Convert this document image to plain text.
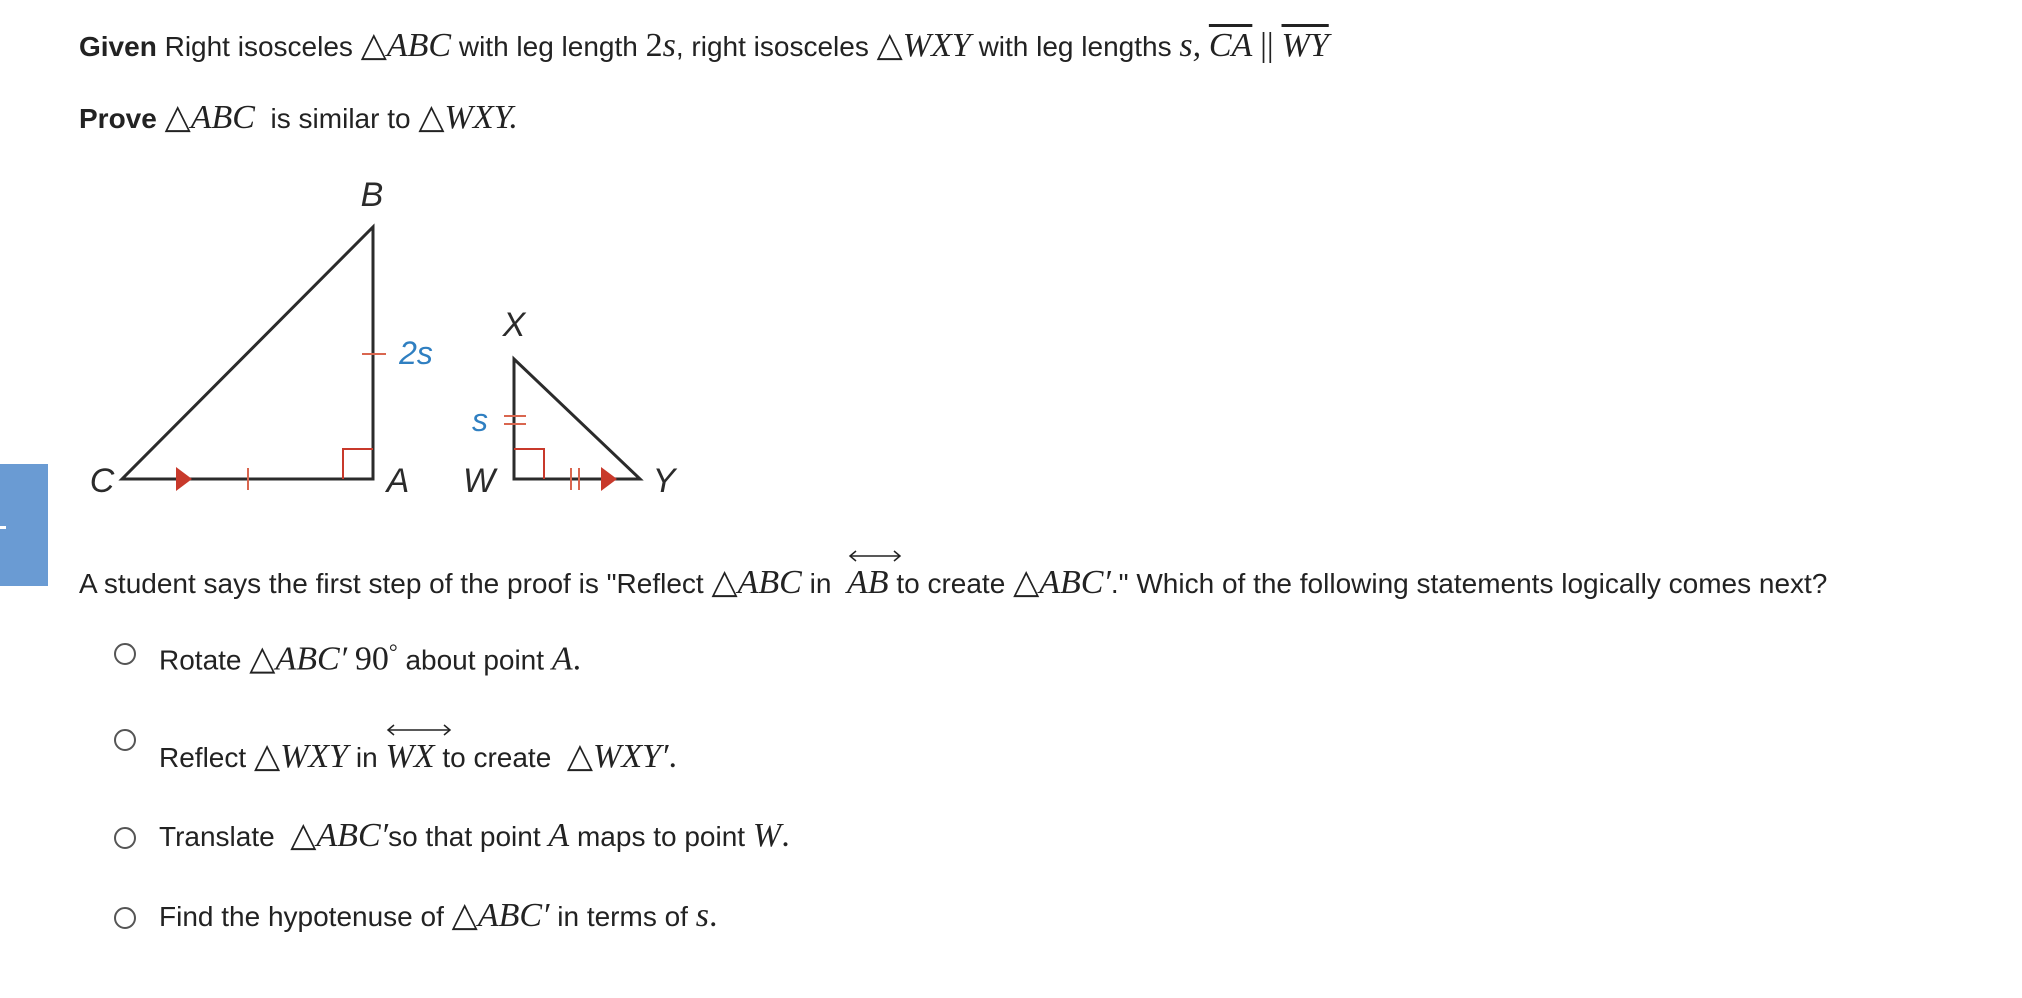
Given Right isosceles △ABC with leg length 2s, right isosceles △WXY with leg lengths s, $\overline{CA}$ || $\overline{WY}$
Prove △ABC is similar to △WXY.
B
C	A
X
W	Y
2s
s
A student says the first step of the proof is "Reflect △ABC in AB to create △ABC′." Which of the following statements logically comes next?
Rotate △ABC′ 90° about point A.
Reflect △WXY in WX to create △WXY′.
Translate △ABC′so that point A maps to point W.
Find the hypotenuse of △ABC′ in terms of s.
